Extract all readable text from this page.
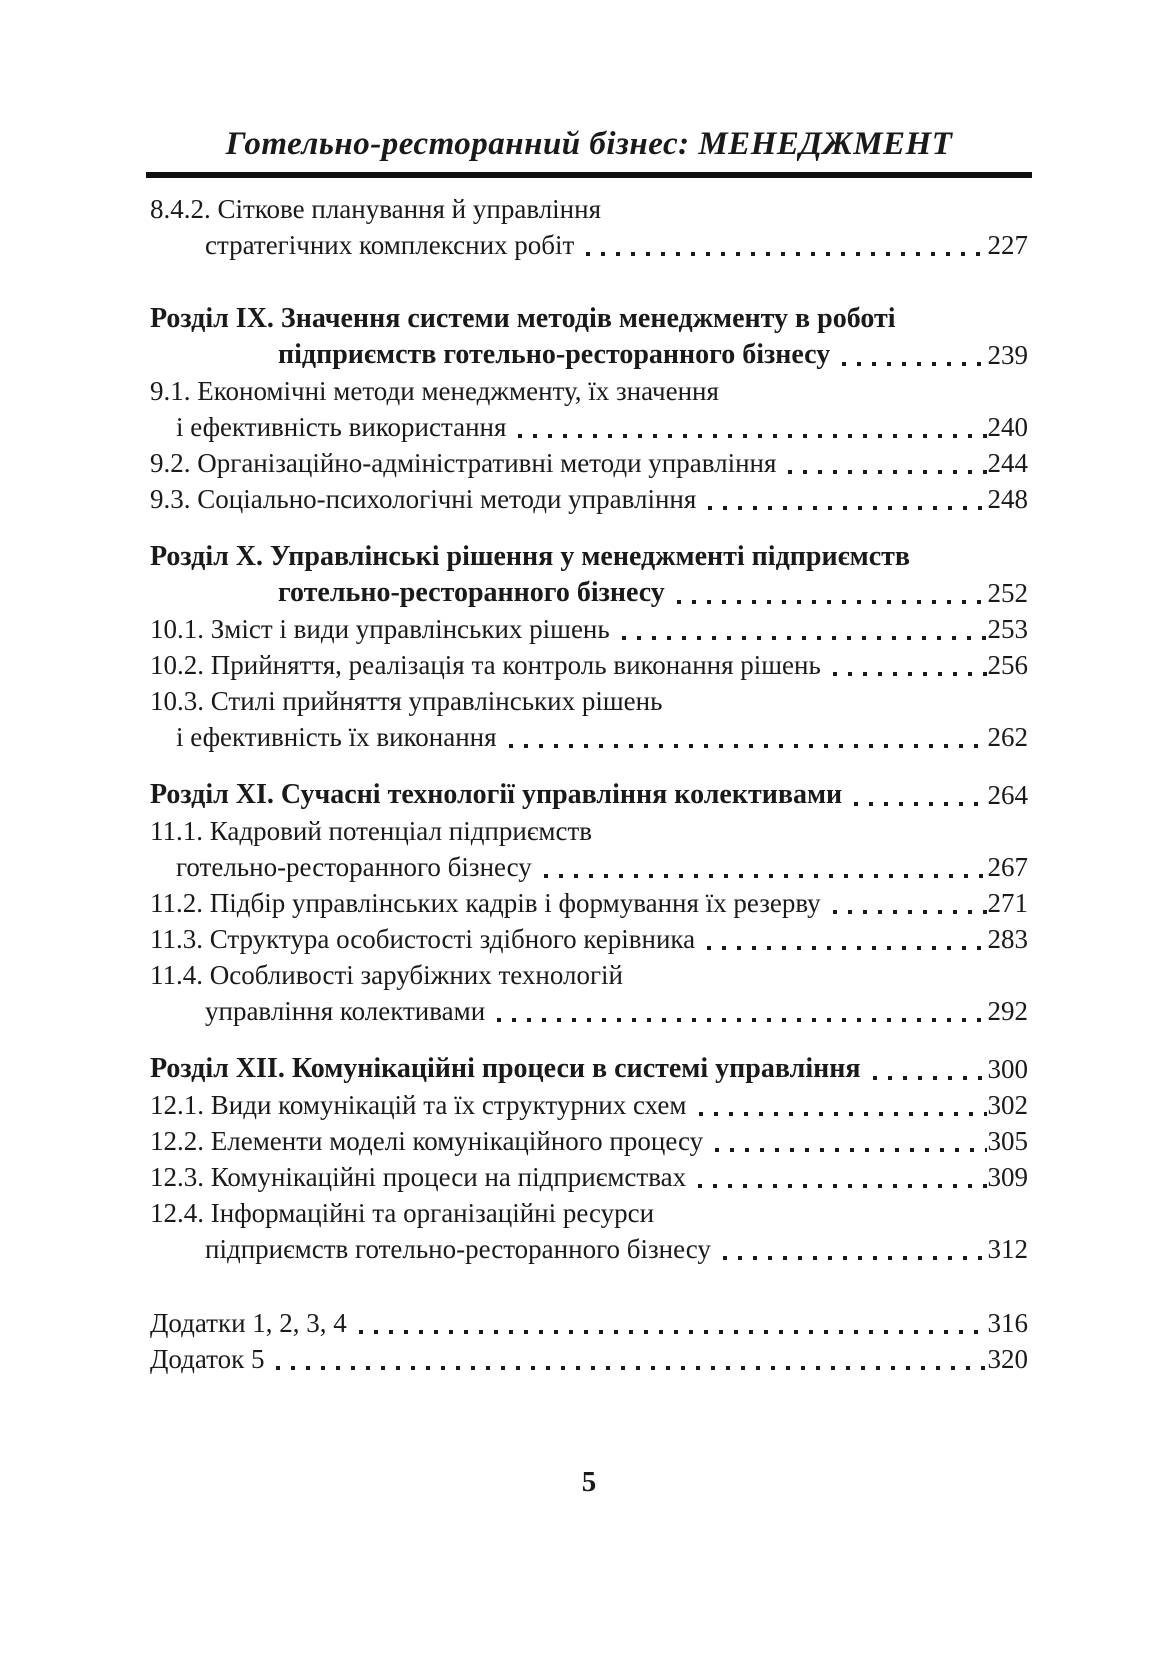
Готельно-ресторанний бізнес: МЕНЕДЖМЕНТ
8.4.2. Сіткове планування й управління
стратегічних комплексних робіт	227
Розділ IX. Значення системи методів менеджменту в роботі
підприємств готельно-ресторанного бізнесу	239
9.1. Економічні методи менеджменту, їх значення
і ефективність використання	240
9.2. Організаційно-адміністративні методи управління	244
9.3. Соціально-психологічні методи управління	248
Розділ X. Управлінські рішення у менеджменті підприємств
готельно-ресторанного бізнесу	252
10.1. Зміст і види управлінських рішень	253
10.2. Прийняття, реалізація та контроль виконання рішень	256
10.3. Стилі прийняття управлінських рішень
і ефективність їх виконання	262
Розділ XI. Сучасні технології управління колективами	264
11.1. Кадровий потенціал підприємств
готельно-ресторанного бізнесу	267
11.2. Підбір управлінських кадрів і формування їх резерву	271
11.3. Структура особистості здібного керівника	283
11.4. Особливості зарубіжних технологій
управління колективами	292
Розділ XII. Комунікаційні процеси в системі управління	300
12.1. Види комунікацій та їх структурних схем	302
12.2. Елементи моделі комунікаційного процесу	305
12.3. Комунікаційні процеси на підприємствах	309
12.4. Інформаційні та організаційні ресурси
підприємств готельно-ресторанного бізнесу	312
Додатки 1, 2, 3, 4	316
Додаток 5	320
5
